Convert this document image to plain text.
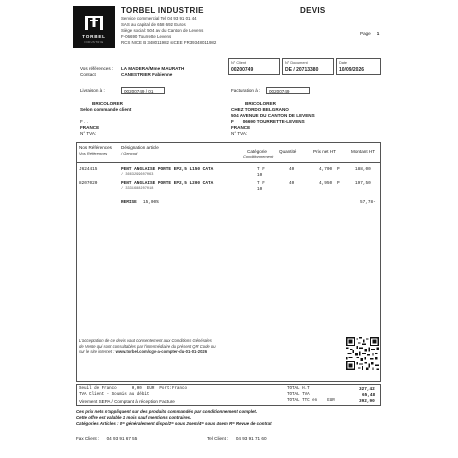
TORBEL
INDUSTRIE
TORBEL INDUSTRIE
Service commercial Tel 04 93 91 01 44
SAS au capital de 658 692 Euros
Siège social: 504 av du Canton de Levens
F-06690 Tourrette Levens
RCS NICE B 348011982 sICEE FR39348011982
DEVIS
Page 1
N° Client
00200749
N° Document
DE / 20713380
Date
10/09/2026
Vos références : LA MADERA/Mme MAURATH
Contact	CANESTRIER Fabienne
Livraison à :	00200749 / 01
BRICOLORER
Selon commande client
F . .
FRANCE
N° TVA:
Facturation à :	00200749
BRICOLORER
CHEZ TORDO BELGRANO
504 AVENUE DU CANTON DE LEVENS
F       06690 TOURRETTE-LEVENS
FRANCE
N° TVA:
Nos Références
Vos Références
Désignation article
/ Gencod	Catégorie
Conditionnement
Quantité	Prix net HT	Montant HT
J624415	PENT ANGLAISE PORTE EP2,5 L150 CATA
/ 3663299607063
T F
10
40	4,700 P	188,00
8207020	PENT ANGLAISE PORTE EP2,5 L200 CATA
/ 3331688207018
T F
10
40	4,950 P	197,50
REMISE 15,00%	57,78-
L'acceptation de ce devis vaut consentement aux Conditions Générales
de Vente qui sont consultables par l'intermédiaire du présent QR Code ou
sur le site internet : www.torbel.com/cgv-a-compter-du-01-01-2026
Seuil de Franco      0,00  EUR  Port:Franco
TVA Client - Soumis au débit
Virement SEPA / Comptant à réception Facture
TOTAL H.T	327,42
TOTAL TVA	65,48
TOTAL TTC en    EUR	392,90
Ces prix nets n'appliquent sur des produits commandés par conditionnement complet.
Cette offre est valable 1 mois sauf mentions contraires.
Catégories Articles : 0= généralement dispo/2= sous 2sem/4= sous 4sem R= Revue de contrat
Fax Client : 04 93 91 67 55	Tel Client : 04 93 91 71 60
